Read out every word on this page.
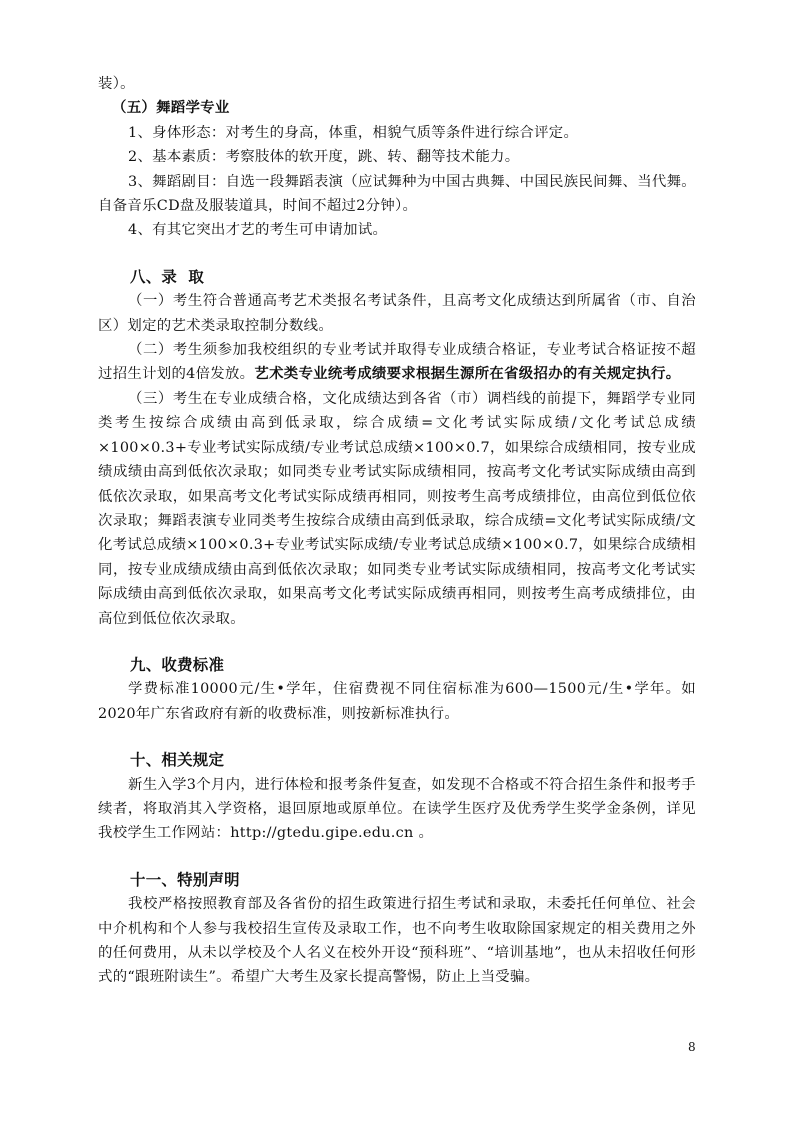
装）。

（五）舞蹈学专业

1、身体形态：对考生的身高，体重，相貌气质等条件进行综合评定。

2、基本素质：考察肢体的软开度，跳、转、翻等技术能力。

3、舞蹈剧目：自选一段舞蹈表演（应试舞种为中国古典舞、中国民族民间舞、当代舞。自备音乐CD盘及服装道具，时间不超过2分钟）。

4、有其它突出才艺的考生可申请加试。

八、录  取

（一）考生符合普通高考艺术类报名考试条件，且高考文化成绩达到所属省（市、自治区）划定的艺术类录取控制分数线。

（二）考生须参加我校组织的专业考试并取得专业成绩合格证，专业考试合格证按不超过招生计划的4倍发放。艺术类专业统考成绩要求根据生源所在省级招办的有关规定执行。

（三）考生在专业成绩合格，文化成绩达到各省（市）调档线的前提下，舞蹈学专业同类考生按综合成绩由高到低录取，综合成绩=文化考试实际成绩/文化考试总成绩×100×0.3+专业考试实际成绩/专业考试总成绩×100×0.7，如果综合成绩相同，按专业成绩成绩由高到低依次录取；如同类专业考试实际成绩相同，按高考文化考试实际成绩由高到低依次录取，如果高考文化考试实际成绩再相同，则按考生高考成绩排位，由高位到低位依次录取；舞蹈表演专业同类考生按综合成绩由高到低录取，综合成绩=文化考试实际成绩/文化考试总成绩×100×0.3+专业考试实际成绩/专业考试总成绩×100×0.7，如果综合成绩相同，按专业成绩成绩由高到低依次录取；如同类专业考试实际成绩相同，按高考文化考试实际成绩由高到低依次录取，如果高考文化考试实际成绩再相同，则按考生高考成绩排位，由高位到低位依次录取。

九、收费标准

学费标准10000元/生•学年，住宿费视不同住宿标准为600—1500元/生•学年。如2020年广东省政府有新的收费标准，则按新标准执行。

十、相关规定

新生入学3个月内，进行体检和报考条件复查，如发现不合格或不符合招生条件和报考手续者，将取消其入学资格，退回原地或原单位。在读学生医疗及优秀学生奖学金条例，详见我校学生工作网站：http://gtedu.gipe.edu.cn 。

十一、特别声明

我校严格按照教育部及各省份的招生政策进行招生考试和录取，未委托任何单位、社会中介机构和个人参与我校招生宣传及录取工作，也不向考生收取除国家规定的相关费用之外的任何费用，从未以学校及个人名义在校外开设“预科班”、“培训基地”，也从未招收任何形式的“跟班附读生”。希望广大考生及家长提高警惕，防止上当受骗。

8
